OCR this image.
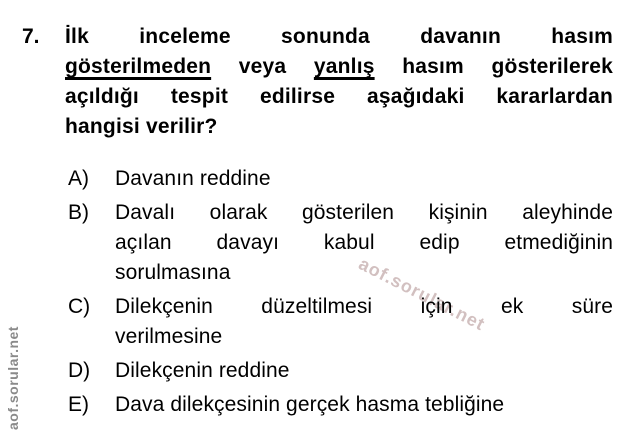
aof.sorular.net
aof.sorular.net
7.	İlk inceleme sonunda davanın hasım
gösterilmeden veya yanlış hasım gösterilerek
açıldığı tespit edilirse aşağıdaki kararlardan
hangisi verilir?
A)	Davanın reddine
B)	Davalı olarak gösterilen kişinin aleyhinde
açılan davayı kabul edip etmediğinin
sorulmasına
C)	Dilekçenin düzeltilmesi için ek süre
verilmesine
D)	Dilekçenin reddine
E)	Dava dilekçesinin gerçek hasma tebliğine
